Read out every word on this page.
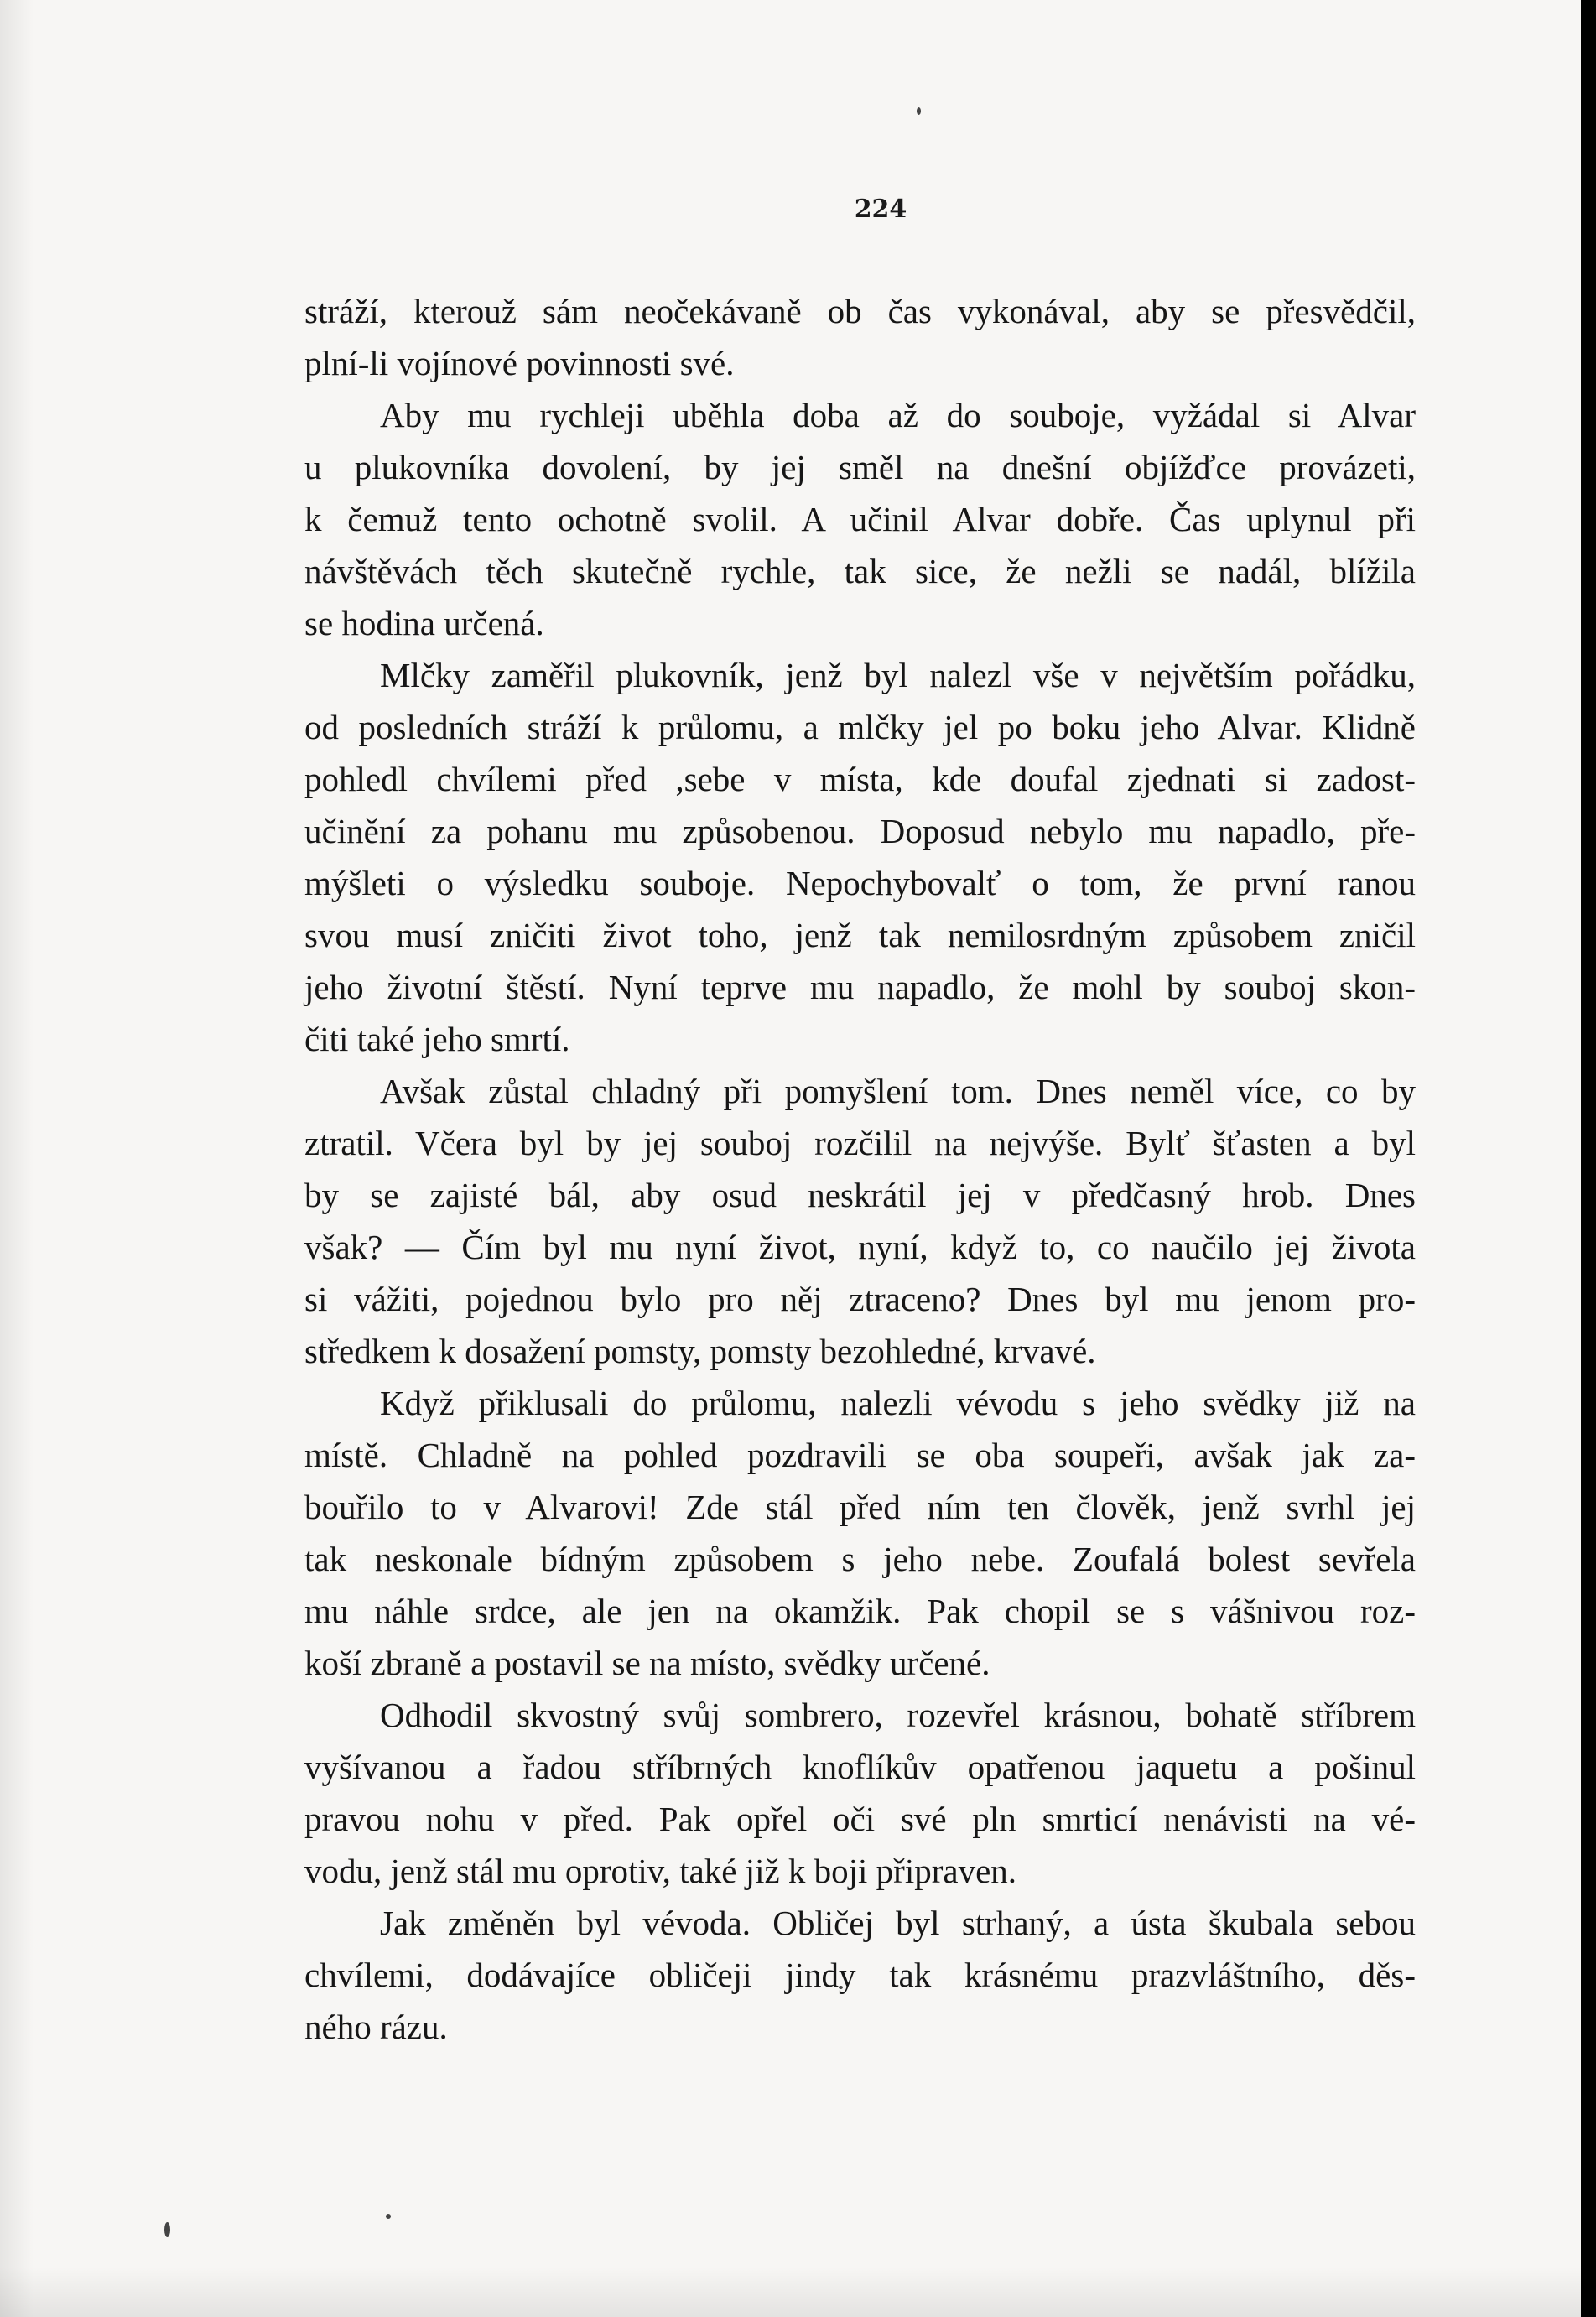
224

stráží, kterouž sám neočekávaně ob čas vykonával, aby se přesvědčil,
plní-li vojínové povinnosti své.

Aby mu rychleji uběhla doba až do souboje, vyžádal si Alvar
u plukovníka dovolení, by jej směl na dnešní objížďce provázeti,
k čemuž tento ochotně svolil. A učinil Alvar dobře. Čas uplynul při
návštěvách těch skutečně rychle, tak sice, že nežli se nadál, blížila
se hodina určená.

Mlčky zaměřil plukovník, jenž byl nalezl vše v největším pořádku,
od posledních stráží k průlomu, a mlčky jel po boku jeho Alvar. Klidně
pohledl chvílemi před ,sebe v místa, kde doufal zjednati si zadost-
učinění za pohanu mu způsobenou. Doposud nebylo mu napadlo, pře-
mýšleti o výsledku souboje. Nepochybovalť o tom, že první ranou
svou musí zničiti život toho, jenž tak nemilosrdným způsobem zničil
jeho životní štěstí. Nyní teprve mu napadlo, že mohl by souboj skon-
čiti také jeho smrtí.

Avšak zůstal chladný při pomyšlení tom. Dnes neměl více, co by
ztratil. Včera byl by jej souboj rozčilil na nejvýše. Bylť šťasten a byl
by se zajisté bál, aby osud neskrátil jej v předčasný hrob. Dnes
však? — Čím byl mu nyní život, nyní, když to, co naučilo jej života
si vážiti, pojednou bylo pro něj ztraceno? Dnes byl mu jenom pro-
středkem k dosažení pomsty, pomsty bezohledné, krvavé.

Když přiklusali do průlomu, nalezli vévodu s jeho svědky již na
místě. Chladně na pohled pozdravili se oba soupeři, avšak jak za-
bouřilo to v Alvarovi! Zde stál před ním ten člověk, jenž svrhl jej
tak neskonale bídným způsobem s jeho nebe. Zoufalá bolest sevřela
mu náhle srdce, ale jen na okamžik. Pak chopil se s vášnivou roz-
koší zbraně a postavil se na místo, svědky určené.

Odhodil skvostný svůj sombrero, rozevřel krásnou, bohatě stříbrem
vyšívanou a řadou stříbrných knoflíkův opatřenou jaquetu a pošinul
pravou nohu v před. Pak opřel oči své pln smrticí nenávisti na vé-
vodu, jenž stál mu oprotiv, také již k boji připraven.

Jak změněn byl vévoda. Obličej byl strhaný, a ústa škubala sebou
chvílemi, dodávajíce obličeji jindy tak krásnému prazvláštního, děs-
ného rázu.
